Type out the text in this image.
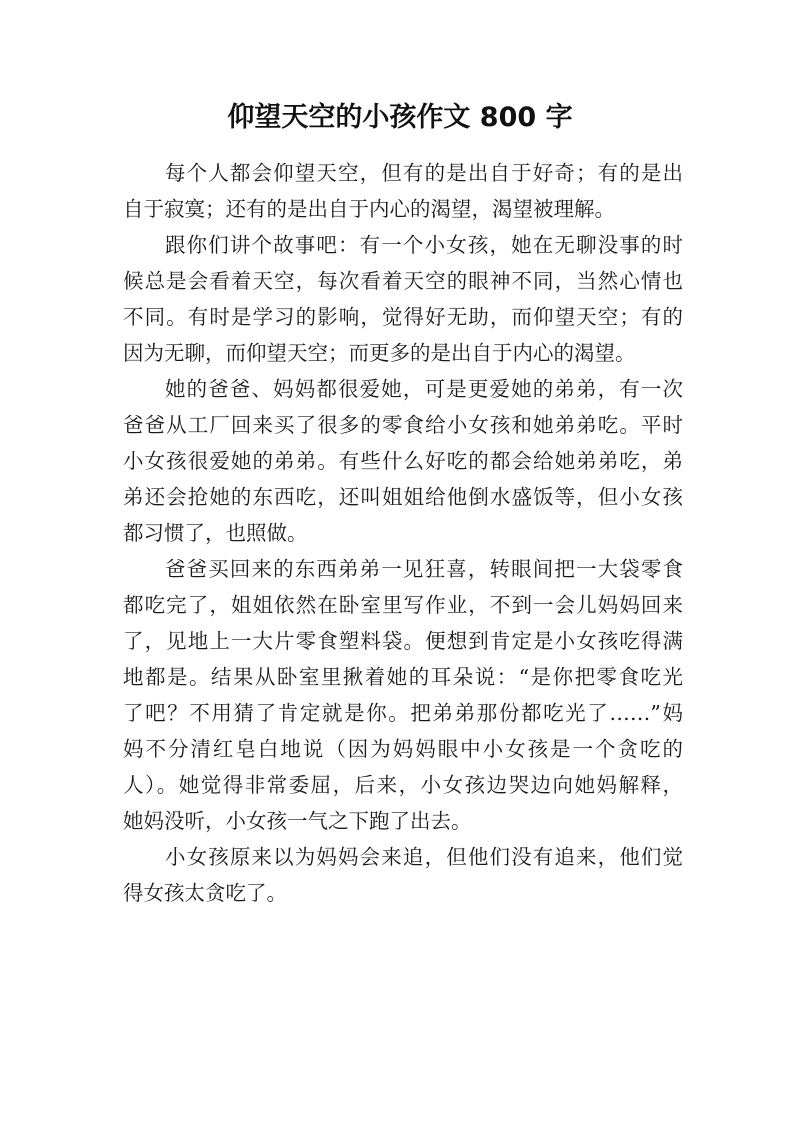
仰望天空的小孩作文 800 字

每个人都会仰望天空，但有的是出自于好奇；有的是出
自于寂寞；还有的是出自于内心的渴望，渴望被理解。

跟你们讲个故事吧：有一个小女孩，她在无聊没事的时
候总是会看着天空，每次看着天空的眼神不同，当然心情也
不同。有时是学习的影响，觉得好无助，而仰望天空；有的
因为无聊，而仰望天空；而更多的是出自于内心的渴望。

她的爸爸、妈妈都很爱她，可是更爱她的弟弟，有一次
爸爸从工厂回来买了很多的零食给小女孩和她弟弟吃。平时
小女孩很爱她的弟弟。有些什么好吃的都会给她弟弟吃，弟
弟还会抢她的东西吃，还叫姐姐给他倒水盛饭等，但小女孩
都习惯了，也照做。

爸爸买回来的东西弟弟一见狂喜，转眼间把一大袋零食
都吃完了，姐姐依然在卧室里写作业，不到一会儿妈妈回来
了，见地上一大片零食塑料袋。便想到肯定是小女孩吃得满
地都是。结果从卧室里揪着她的耳朵说：“是你把零食吃光
了吧？不用猜了肯定就是你。把弟弟那份都吃光了……”妈
妈不分清红皂白地说（因为妈妈眼中小女孩是一个贪吃的
人）。她觉得非常委屈，后来，小女孩边哭边向她妈解释，
她妈没听，小女孩一气之下跑了出去。

小女孩原来以为妈妈会来追，但他们没有追来，他们觉
得女孩太贪吃了。
